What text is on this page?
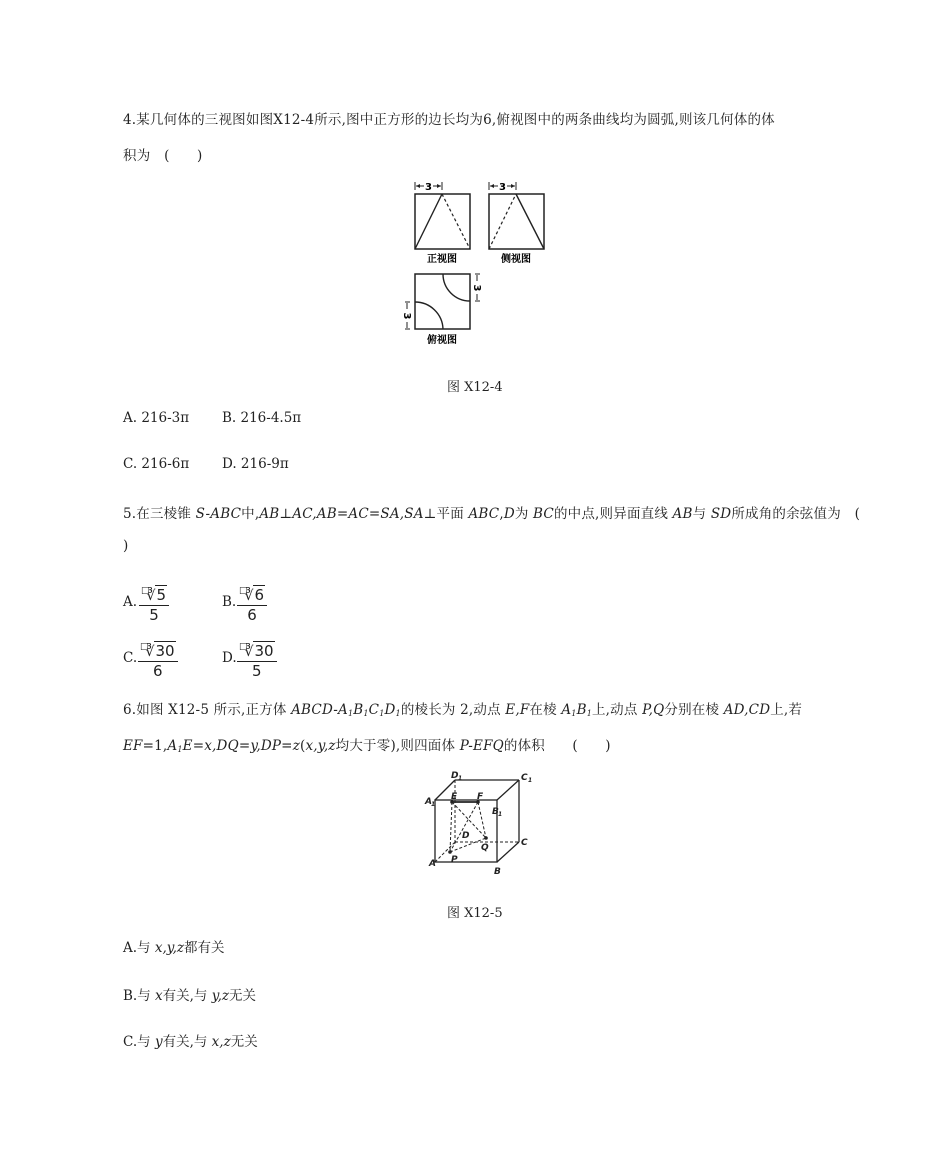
4.某几何体的三视图如图X12-4所示,图中正方形的边长均为6,俯视图中的两条曲线均为圆弧,则该几何体的体
积为　(　　)
3
正视图
3
侧视图
3
3
俯视图
图 X12-4
A. 216-3π B. 216-4.5π
C. 216-6π D. 216-9π
5.在三棱锥 S-ABC中,AB⊥AC,AB=AC=SA,SA⊥平面 ABC,D为 BC的中点,则异面直线 AB与 SD所成角的余弦值为　(
)
A. $\frac{^□∛5}{5}$	B. $\frac{^□∛6}{6}$
C. $\frac{^□∛30}{6}$	D. $\frac{^□∛30}{5}$
6.如图 X12-5 所示,正方体 ABCD-$A_1B_1C_1D_1$的棱长为 2,动点 E,F在棱 $A_1B_1$上,动点 P,Q分别在棱 AD,CD上,若
$EF=1,A_1E=x,DQ=y,DP=z(x,y,z$均大于零),则四面体 P-EFQ的体积　　(　　)
D 1	C 1
A 1
E F
B 1
D
C
Q
P
A
B
图 X12-5
A.与 x,y,z都有关
B.与 x有关,与 y,z无关
C.与 y有关,与 x,z无关
